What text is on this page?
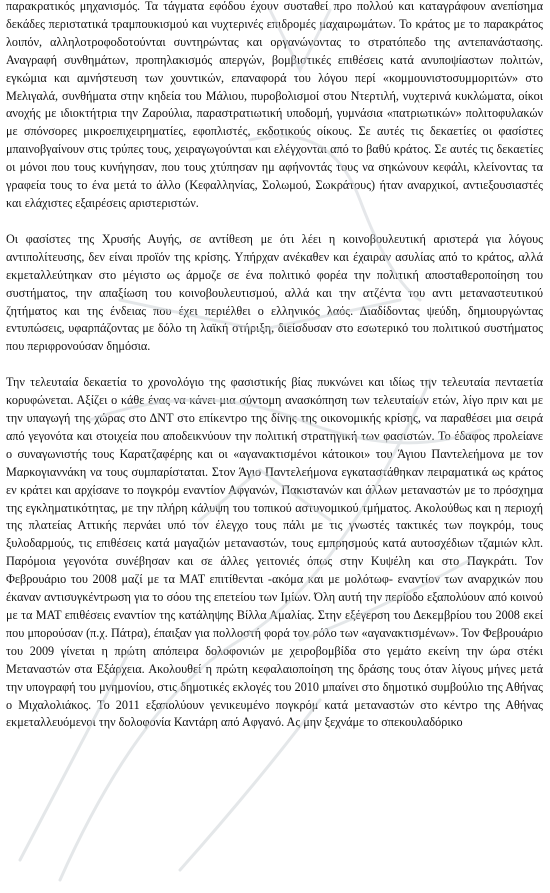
παρακρατικός μηχανισμός. Τα τάγματα εφόδου έχουν συσταθεί προ πολλού και καταγράφουν ανεπίσημα δεκάδες περιστατικά τραμπουκισμού και νυχτερινές επιδρομές μαχαιρωμάτων. Το κράτος με το παρακράτος λοιπόν, αλληλοτροφοδοτούνται συντηρώντας και οργανώνοντας το στρατόπεδο της αντεπανάστασης. Αναγραφή συνθημάτων, προπηλακισμός απεργών, βομβιστικές επιθέσεις κατά ανυποψίαστων πολιτών, εγκώμια και αμνήστευση των χουντικών, επαναφορά του λόγου περί «κομμουνιστοσυμμοριτών» στο Μελιγαλά, συνθήματα στην κηδεία του Μάλιου, πυροβολισμοί στου Ντερτιλή, νυχτερινά κυκλώματα, οίκοι ανοχής με ιδιοκτήτρια την Ζαρούλια, παραστρατιωτική υποδομή, γυμνάσια «πατριωτικών» πολιτοφυλακών με σπόνσορες μικροεπιχειρηματίες, εφοπλιστές, εκδοτικούς οίκους. Σε αυτές τις δεκαετίες οι φασίστες μπαινοβγαίνουν στις τρύπες τους, χειραγωγούνται και ελέγχονται από το βαθύ κράτος. Σε αυτές τις δεκαετίες οι μόνοι που τους κυνήγησαν, που τους χτύπησαν ημ αφήνοντάς τους να σηκώνουν κεφάλι, κλείνοντας τα γραφεία τους το ένα μετά το άλλο (Κεφαλληνίας, Σολωμού, Σωκράτους) ήταν αναρχικοί, αντιεξουσιαστές και ελάχιστες εξαιρέσεις αριστεριστών.

Οι φασίστες της Χρυσής Αυγής, σε αντίθεση με ότι λέει η κοινοβουλευτική αριστερά για λόγους αντιπολίτευσης, δεν είναι προϊόν της κρίσης. Υπήρχαν ανέκαθεν και έχαιραν ασυλίας από το κράτος, αλλά εκμεταλλεύτηκαν στο μέγιστο ως άρμοζε σε ένα πολιτικό φορέα την πολιτική αποσταθεροποίηση του συστήματος, την απαξίωση του κοινοβουλευτισμού, αλλά και την ατζέντα του αντι μεταναστευτικού ζητήματος και της ένδειας που έχει περιέλθει ο ελληνικός λαός. Διαδίδοντας ψεύδη, δημιουργώντας εντυπώσεις, υφαρπάζοντας με δόλο τη λαϊκή στήριξη, διείσδυσαν στο εσωτερικό του πολιτικού συστήματος που περιφρονούσαν δημόσια.

Την τελευταία δεκαετία το χρονολόγιο της φασιστικής βίας πυκνώνει και ιδίως την τελευταία πενταετία κορυφώνεται. Αξίζει ο κάθε ένας να κάνει μια σύντομη ανασκόπηση των τελευταίων ετών, λίγο πριν και με την υπαγωγή της χώρας στο ΔΝΤ στο επίκεντρο της δίνης της οικονομικής κρίσης, να παραθέσει μια σειρά από γεγονότα και στοιχεία που αποδεικνύουν την πολιτική στρατηγική των φασιστών. Το έδαφος προλείανε ο συναγωνιστής τους Καρατζαφέρης και οι «αγανακτισμένοι κάτοικοι» του Άγιου Παντελεήμονα με τον Μαρκογιαννάκη να τους συμπαρίσταται. Στον Άγιο Παντελεήμονα εγκαταστάθηκαν πειραματικά ως κράτος εν κράτει και αρχίσανε το πογκρόμ εναντίον Αφγανών, Πακιστανών και άλλων μεταναστών με το πρόσχημα της εγκληματικότητας, με την πλήρη κάλυψη του τοπικού αστυνομικού τμήματος. Ακολούθως και η περιοχή της πλατείας Αττικής περνάει υπό τον έλεγχο τους πάλι με τις γνωστές τακτικές των πογκρόμ, τους ξυλοδαρμούς, τις επιθέσεις κατά μαγαζιών μεταναστών, τους εμπρησμούς κατά αυτοσχέδιων τζαμιών κλπ. Παρόμοια γεγονότα συνέβησαν και σε άλλες γειτονιές όπως στην Κυψέλη και στο Παγκράτι. Τον Φεβρουάριο του 2008 μαζί με τα ΜΑΤ επιτίθενται -ακόμα και με μολότωφ- εναντίον των αναρχικών που έκαναν αντισυγκέντρωση για το σόου της επετείου των Ιμίων. Όλη αυτή την περίοδο εξαπολύουν από κοινού με τα ΜΑΤ επιθέσεις εναντίον της κατάληψης Βίλλα Αμαλίας. Στην εξέγερση του Δεκεμβρίου του 2008 εκεί που μπορούσαν (π.χ. Πάτρα), έπαιξαν για πολλοστή φορά τον ρόλο των «αγανακτισμένων». Τον Φεβρουάριο του 2009 γίνεται η πρώτη απόπειρα δολοφονιών με χειροβομβίδα στο γεμάτο εκείνη την ώρα στέκι Μεταναστών στα Εξάρχεια. Ακολουθεί η πρώτη κεφαλαιοποίηση της δράσης τους όταν λίγους μήνες μετά την υπογραφή του μνημονίου, στις δημοτικές εκλογές του 2010 μπαίνει στο δημοτικό συμβούλιο της Αθήνας ο Μιχαλολιάκος. Το 2011 εξαπολύουν γενικευμένο πογκρόμ κατά μεταναστών στο κέντρο της Αθήνας εκμεταλλευόμενοι την δολοφονία Καντάρη από Αφγανό. Ας μην ξεχνάμε το σπεκουλαδόρικο
